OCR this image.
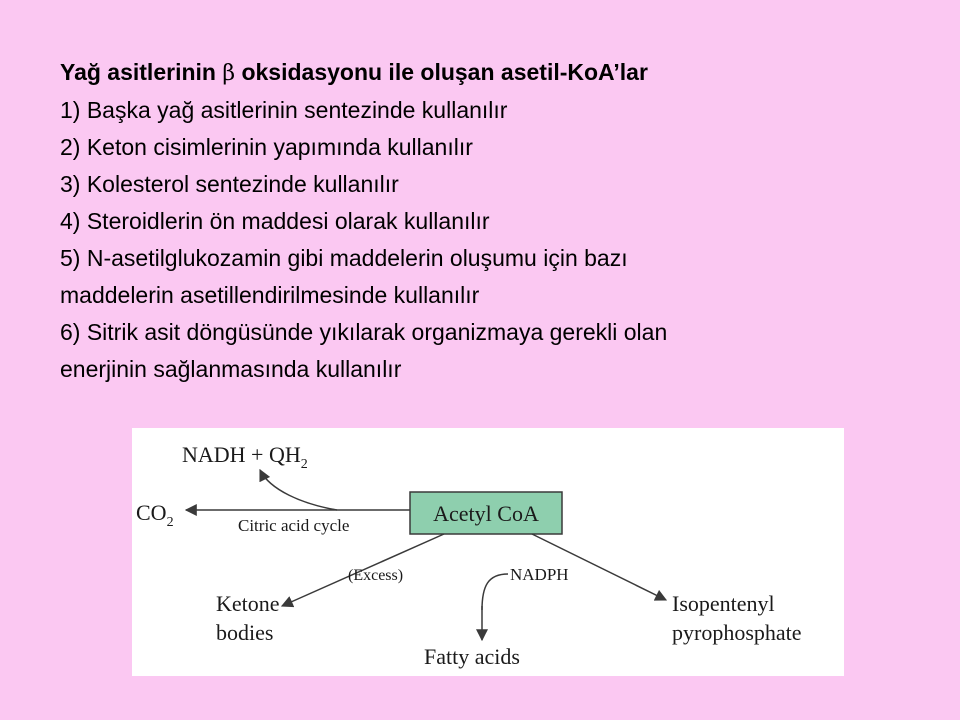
Yağ asitlerinin β oksidasyonu ile oluşan asetil-KoA’lar
1) Başka yağ asitlerinin sentezinde kullanılır
2) Keton cisimlerinin yapımında kullanılır
3) Kolesterol sentezinde kullanılır
4) Steroidlerin ön maddesi olarak kullanılır
5) N-asetilglukozamin gibi maddelerin oluşumu için bazı
maddelerin asetillendirilmesinde kullanılır
6) Sitrik asit döngüsünde yıkılarak organizmaya gerekli olan
enerjinin sağlanmasında kullanılır
Acetyl CoA
NADH + $QH_2$
$CO_2$	Citric acid cycle
(Excess)
Ketone
bodies
NADPH
Fatty acids
Isopentenyl
pyrophosphate
